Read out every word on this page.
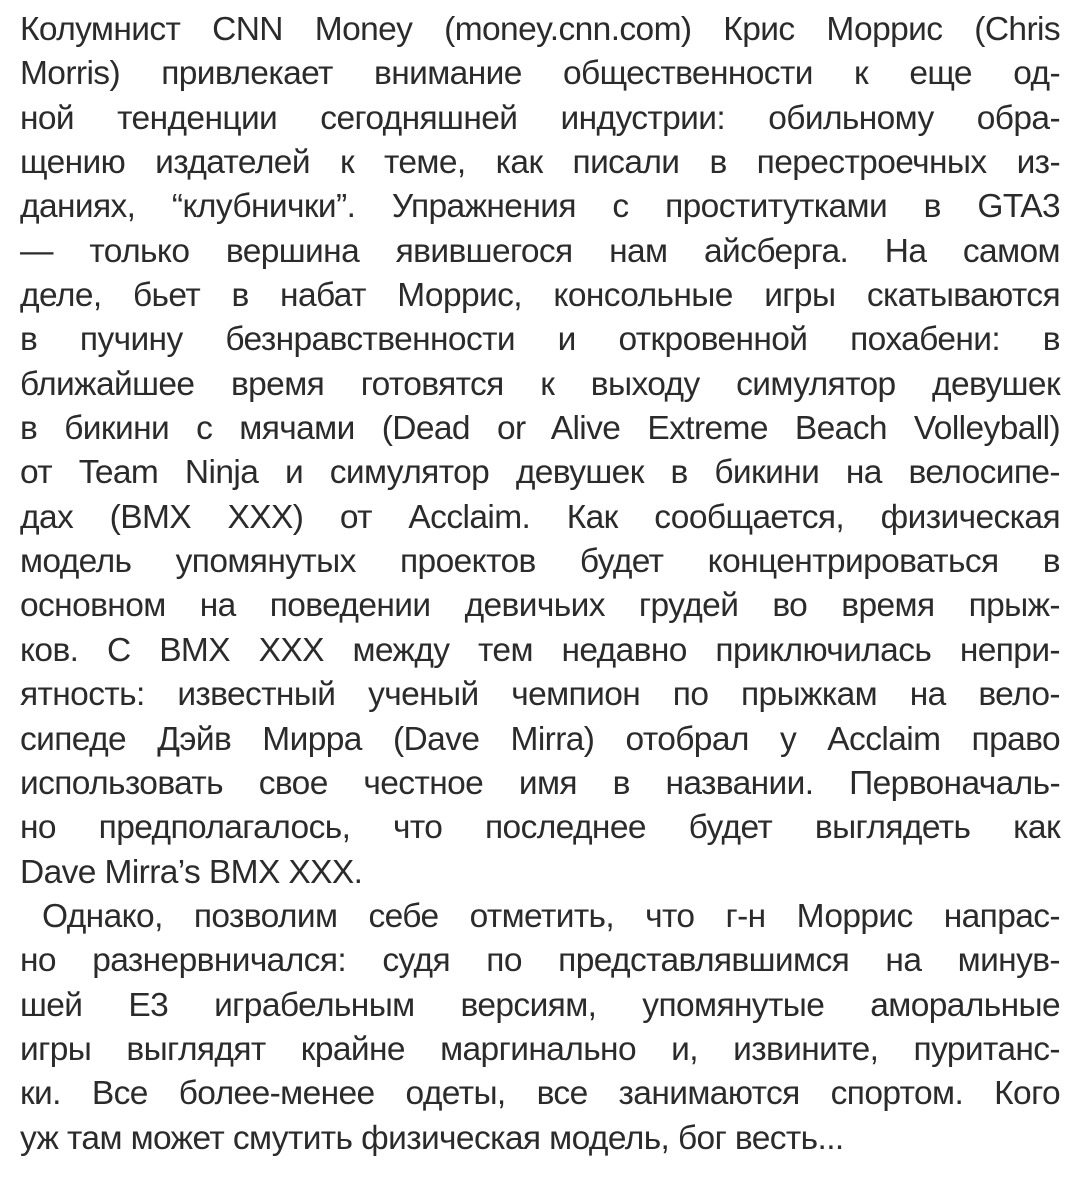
Колумнист CNN Money (money.cnn.com) Крис Моррис (Chris
Morris) привлекает внимание общественности к еще од-
ной тенденции сегодняшней индустрии: обильному обра-
щению издателей к теме, как писали в перестроечных из-
даниях, “клубнички”. Упражнения с проститутками в GTA3
— только вершина явившегося нам айсберга. На самом
деле, бьет в набат Моррис, консольные игры скатываются
в пучину безнравственности и откровенной похабени: в
ближайшее время готовятся к выходу симулятор девушек
в бикини с мячами (Dead or Alive Extreme Beach Volleyball)
от Team Ninja и симулятор девушек в бикини на велосипе-
дах (BMX XXX) от Acclaim. Как сообщается, физическая
модель упомянутых проектов будет концентрироваться в
основном на поведении девичьих грудей во время прыж-
ков. С BMX XXX между тем недавно приключилась непри-
ятность: известный ученый чемпион по прыжкам на вело-
сипеде Дэйв Мирра (Dave Mirra) отобрал у Acclaim право
использовать свое честное имя в названии. Первоначаль-
но предполагалось, что последнее будет выглядеть как
Dave Mirra’s BMX XXX.
Однако, позволим себе отметить, что г-н Моррис напрас-
но разнервничался: судя по представлявшимся на минув-
шей E3 играбельным версиям, упомянутые аморальные
игры выглядят крайне маргинально и, извините, пуританс-
ки. Все более-менее одеты, все занимаются спортом. Кого
уж там может смутить физическая модель, бог весть...
